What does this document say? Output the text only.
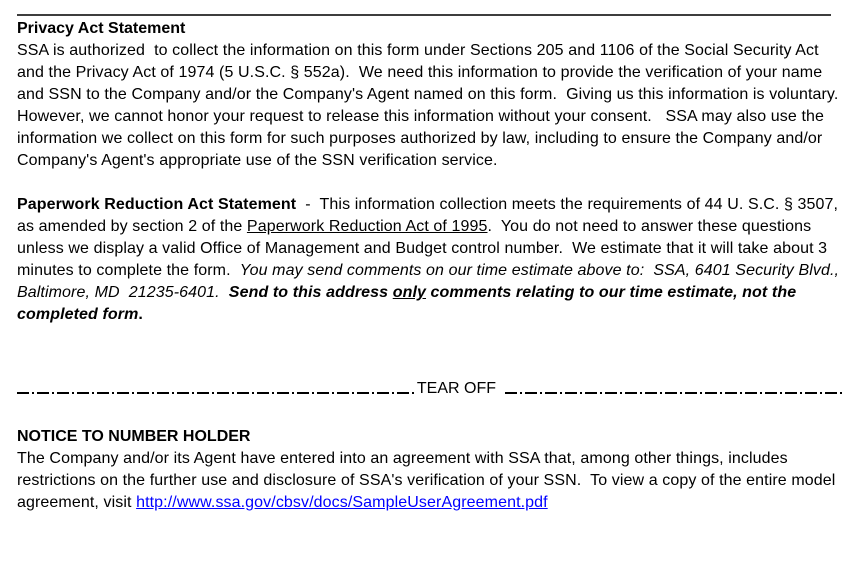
Privacy Act Statement

SSA is authorized  to collect the information on this form under Sections 205 and 1106 of the Social Security Act and the Privacy Act of 1974 (5 U.S.C. § 552a).  We need this information to provide the verification of your name and SSN to the Company and/or the Company's Agent named on this form.  Giving us this information is voluntary.  However, we cannot honor your request to release this information without your consent.   SSA may also use the information we collect on this form for such purposes authorized by law, including to ensure the Company and/or Company's Agent's appropriate use of the SSN verification service.

Paperwork Reduction Act Statement  -  This information collection meets the requirements of 44 U. S.C. § 3507, as amended by section 2 of the Paperwork Reduction Act of 1995.  You do not need to answer these questions unless we display a valid Office of Management and Budget control number.  We estimate that it will take about 3 minutes to complete the form.  You may send comments on our time estimate above to:  SSA, 6401 Security Blvd., Baltimore, MD  21235-6401.  Send to this address only comments relating to our time estimate, not the completed form.

TEAR OFF
NOTICE TO NUMBER HOLDER

The Company and/or its Agent have entered into an agreement with SSA that, among other things, includes restrictions on the further use and disclosure of SSA's verification of your SSN.  To view a copy of the entire model agreement, visit http://www.ssa.gov/cbsv/docs/SampleUserAgreement.pdf
